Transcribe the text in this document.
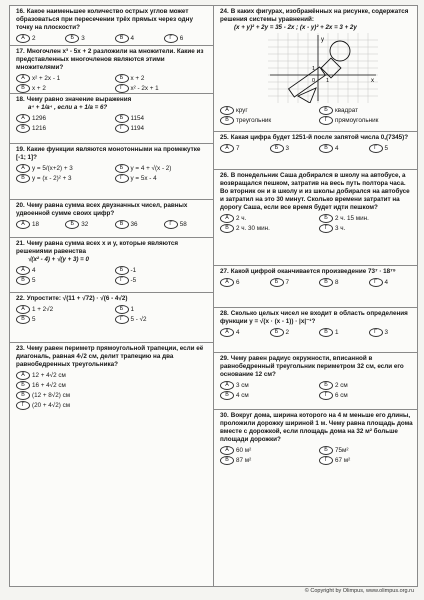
16. Какое наименьшее количество острых углов может образоваться при пересечении трёх прямых через одну точку на плоскости?
А	2	Б	3	В	4	Г	6
17. Многочлен x³ - 5x + 2 разложили на множители. Какие из представленных многочленов являются этими множителями?
А	x² + 2x - 1	Б	x + 2
В	x + 2	Г	x² - 2x + 1
18. Чему равно значение выражения
a⁴ + 1/a⁴ , если a + 1/a = 6?
А	1296	Б	1154
В	1216	Г	1194
19. Какие функции являются монотонными на промежутке [-1; 1]?
А	y = 5/(x+2) + 3	Б	y = 4 + √(x - 2)
В	y = (x - 2)² + 3	Г	y = 5x - 4
20. Чему равна сумма всех двузначных чисел, равных удвоенной сумме своих цифр?
А	18	Б	32	В	36	Г	58
21. Чему равна сумма всех x и y, которые являются решениями равенства
√(x² - 4) + √(y + 3) = 0
А	4	Б	-1
В	5	Г	-5
22. Упростите: √(11 + √72) · √(6 - 4√2)
А	1 + 2√2	Б	1
В	5	Г	5 - √2
23. Чему равен периметр прямоугольной трапеции, если её диагональ, равная 4√2 см, делит трапецию на два равнобедренных треугольника?
А	12 + 4√2 см
Б	16 + 4√2 см
В	(12 + 8√2) см
Г	(20 + 4√2) см
24. В каких фигурах, изображённых на рисунке, содержатся решения системы уравнений:
(x + y)² + 2y = 35 - 2x ; (x - y)² + 2x = 3 + 2y
А	круг	Б	квадрат
В	треугольник	Г	прямоугольник
25. Какая цифра будет 1251-й после запятой числа 0,(7345)?
А	7	Б	3	В	4	Г	5
26. В понедельник Саша добирался в школу на автобусе, а возвращался пешком, затратив на весь путь полтора часа. Во вторник он и в школу и из школы добирался на автобусе и затратил на это 30 минут. Сколько времени затратит на дорогу Саша, если все время будет идти пешком?
А	2 ч.	Б	2 ч. 15 мин.
В	2 ч. 30 мин.	Г	3 ч.
27. Какой цифрой оканчивается произведение 73⁷ · 18⁷⁹
А	6	Б	7	В	8	Г	4
28. Сколько целых чисел не входит в область определения функции y = √(x · (x - 1)) · |x|⁻¹?
А	4	Б	2	В	1	Г	3
29. Чему равен радиус окружности, вписанной в равнобедренный треугольник периметром 32 см, если его основание 12 см?
А	3 см	Б	2 см
В	4 см	Г	6 см
30. Вокруг дома, ширина которого на 4 м меньше его длины, проложили дорожку шириной 1 м. Чему равна площадь дома вместе с дорожкой, если площадь дома на 32 м² больше площади дорожки?
А	60 м²	Б	75м²
В	87 м²	Г	67 м²
y
x
1
1
0
© Copyright by Olimpus, www.olimpus.org.ru
